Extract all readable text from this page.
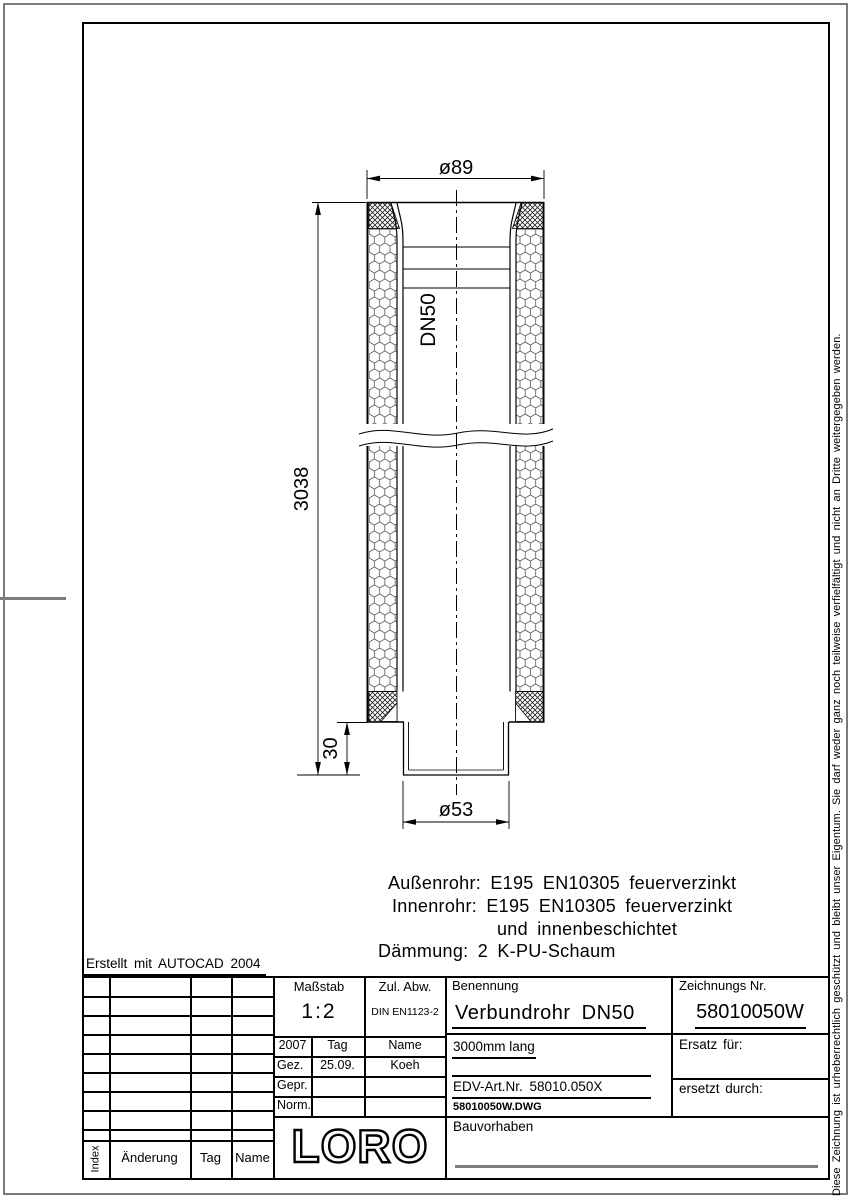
Diese Zeichnung ist urheberrechtlich geschützt und bleibt unser Eigentum. Sie darf weder ganz noch teilweise verfielfältigt und nicht an Dritte weitergegeben werden.
ø89
3038
30
ø53
DN50
Außenrohr: E195 EN10305 feuerverzinkt
Innenrohr: E195 EN10305 feuerverzinkt
und innenbeschichtet
Dämmung: 2 K-PU-Schaum
Erstellt mit AUTOCAD 2004
Maßstab
1:2
Zul. Abw.
DIN EN1123-2
2007	Tag	Name
Gez.	25.09.	Koeh
Gepr.
Norm.
LORO
Benennung
Verbundrohr DN50
Zeichnungs Nr.
58010050W
3000mm lang
EDV-Art.Nr. 58010.050X
58010050W.DWG
Ersatz für:
ersetzt durch:
Bauvorhaben
Index	Änderung	Tag	Name
